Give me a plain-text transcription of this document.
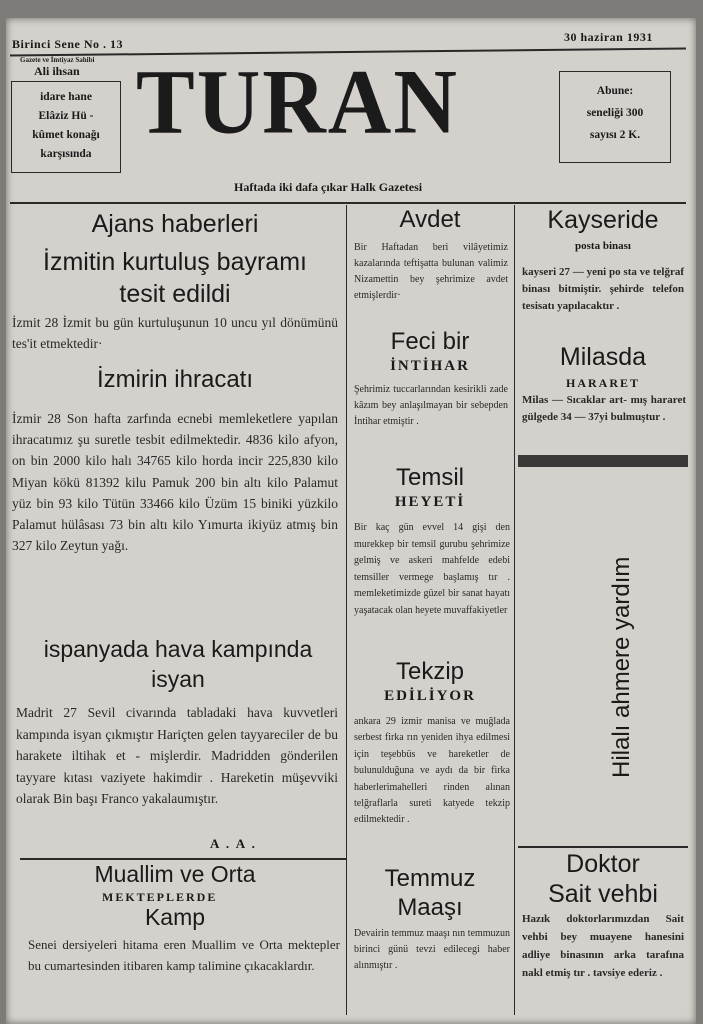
Birinci Sene No . 13	30 haziran 1931
Gazete ve İmtiyaz Sahibi
Ali ihsan
idare hane
Elâziz Hü -
kûmet konağı
karşısında
TURAN	Abune:
seneliği 300
sayısı 2 K.
Haftada iki dafa çıkar Halk Gazetesi
Ajans haberleri
İzmitin kurtuluş bayramı
tesit edildi
İzmit 28 İzmit bu gün kurtuluşunun 10 uncu yıl dönümünü tes'it etmektedir·
İzmirin ihracatı
İzmir 28 Son hafta zarfında ecnebi memleketlere yapılan ihracatımız şu suretle tesbit edilmektedir. 4836 kilo afyon, on bin 2000 kilo halı 34765 kilo horda incir 225,830 kilo Miyan kökü 81392 kilu Pamuk 200 bin altı kilo Palamut yüz bin 93 kilo Tütün 33466 kilo Üzüm 15 biniki yüzkilo Palamut hülâsası 73 bin altı kilo Yımurta ikiyüz atmış bin 327 kilo Zeytun yağı.
ispanyada hava kampında
isyan
Madrit 27 Sevil civarında tabladaki hava kuvvetleri kampında isyan çıkmıştır Hariçten gelen tayyareciler de bu harakete iltihak et - mişlerdir. Madridden gönderilen tayyare kıtası vaziyete hakimdir . Hareketin müşevviki olarak Bin başı Franco yakalaumıştır.
A . A .
Muallim ve Orta
MEKTEPLERDE
Kamp
Senei dersiyeleri hitama eren Muallim ve Orta mektepler bu cumartesinden itibaren kamp talimine çıkacaklardır.
Avdet
Bir Haftadan beri vilâyetimiz kazalarında teftişatta bulunan valimiz Nizamettin bey şehrimize avdet etmişlerdir·
Feci bir
İNTİHAR
Şehrimiz tuccarlarından kesirikli zade kâzım bey anlaşılmayan bir sebepden İntihar etmiştir .
Temsil
HEYETİ
Bir kaç gün evvel 14 gişi den murekkep bir temsil gurubu şehrimize gelmiş ve askeri mahfelde edebi temsiller vermege başlamış tır . memleketimizde güzel bir sanat hayatı yaşatacak olan heyete muvaffakiyetler
Tekzip
EDİLİYOR
ankara 29 izmir manisa ve muğlada serbest firka rın yeniden ihya edilmesi için teşebbüs ve hareketler de bulunulduğuna ve aydı da bir firka haberlerimahelleri rinden alınan telğraflarla sureti katyede tekzip edilmektedir .
Temmuz
Maaşı
Devairin temmuz maaşı nın temmuzun birinci günü tevzi edilecegi haber alınmıştır .
Kayseride
posta binası
kayseri 27 — yeni po sta ve telğraf binası bitmiştir. şehirde telefon tesisatı yapılacaktır .
Milasda
HARARET
Milas — Sıcaklar art- mış hararet gülgede 34 — 37yi bulmuştur .
Hilalı ahmere yardım
Doktor
Sait vehbi
Hazık doktorlarımızdan Sait vehbi bey muayene hanesini adliye binasının arka tarafına nakl etmiş tır . tavsiye ederiz .
